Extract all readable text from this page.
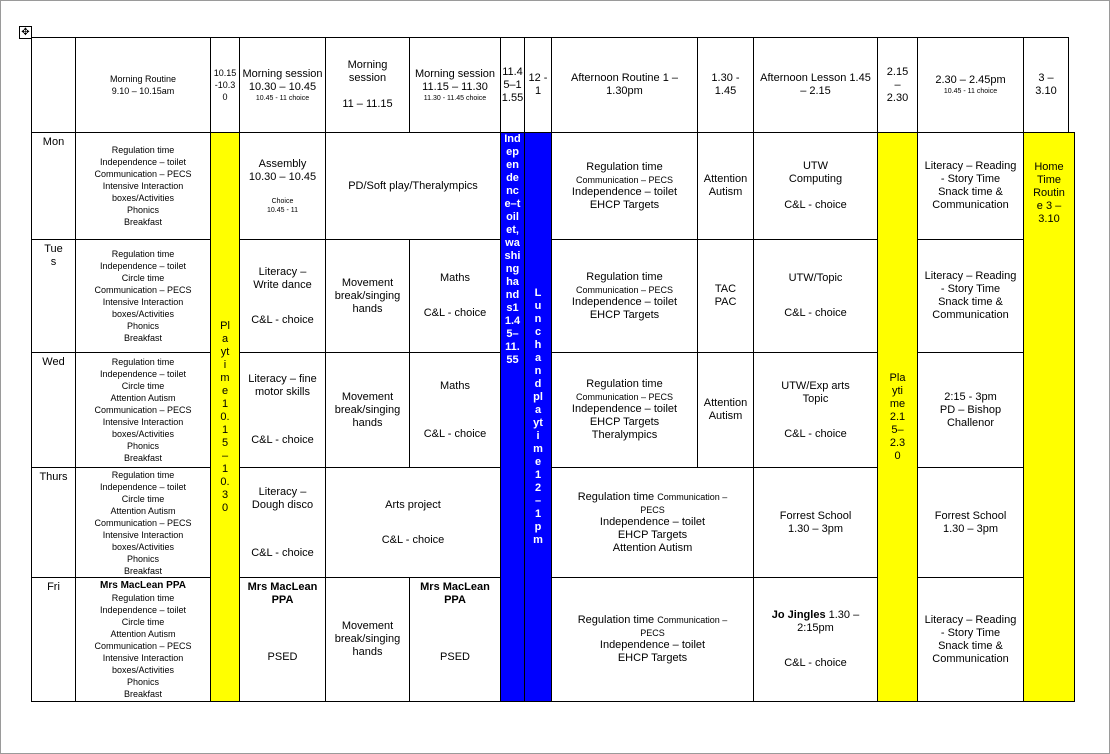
✥
Morning Routine
9.10 – 10.15am
10.15-10.30
Morning session
10.30 – 10.45
10.45 - 11 choice
Morning session
11 – 11.15
Morning session
11.15 – 11.30
11.30 - 11.45 choice
11.45–11.55
12 - 1
Afternoon Routine 1 – 1.30pm
1.30 - 1.45
Afternoon Lesson 1.45 – 2.15
2.15
–
2.30
2.30 – 2.45pm
10.45 - 11 choice
3 –
3.10
Mon
Tues
Wed
Thurs
Fri
Regulation time
Independence – toilet
Communication – PECS
Intensive Interaction
boxes/Activities
Phonics
Breakfast
Regulation time
Independence – toilet
Circle time
Communication – PECS
Intensive Interaction
boxes/Activities
Phonics
Breakfast
Regulation time
Independence – toilet
Circle time
Attention Autism
Communication – PECS
Intensive Interaction
boxes/Activities
Phonics
Breakfast
Regulation time
Independence – toilet
Circle time
Attention Autism
Communication – PECS
Intensive Interaction
boxes/Activities
Phonics
Breakfast
Mrs MacLean PPA
Regulation time
Independence – toilet
Circle time
Attention Autism
Communication – PECS
Intensive Interaction
boxes/Activities
Phonics
Breakfast
Playtime10.15–10.30
Assembly
10.30 – 10.45
Choice
10.45 - 11
PD/Soft play/Theralympics
Independence–toilet,washinghands11.45–11.55
Lunchandplaytime12–1pm
Regulation time
Communication – PECS
Independence – toilet
EHCP Targets
Attention
Autism
UTW
Computing
C&L - choice
Playtime2.15–2.30
Literacy – Reading
- Story Time
Snack time &
Communication
Home Time Routine 3 – 3.10
Literacy –
Write dance
C&L - choice
Movement
break/singing
hands
Maths
C&L - choice
Regulation time
Communication – PECS
Independence – toilet
EHCP Targets
TAC
PAC
UTW/Topic
C&L - choice
Literacy – Reading
- Story Time
Snack time &
Communication
Literacy – fine
motor skills
C&L - choice
Movement
break/singing
hands
Maths
C&L - choice
Regulation time
Communication – PECS
Independence – toilet
EHCP Targets
Theralympics
Attention
Autism
UTW/Exp arts
Topic
C&L - choice
2:15 - 3pm
PD – Bishop
Challenor
Literacy –
Dough disco
C&L - choice
Arts project
C&L - choice
Regulation time Communication –
PECS
Independence – toilet
EHCP Targets
Attention Autism
Forrest School
1.30 – 3pm
Forrest School
1.30 – 3pm
Mrs MacLean
PPA
PSED
Movement
break/singing
hands
Mrs MacLean
PPA
PSED
Regulation time Communication –
PECS
Independence – toilet
EHCP Targets
Jo Jingles 1.30 –
2:15pm
C&L - choice
Literacy – Reading
- Story Time
Snack time &
Communication
